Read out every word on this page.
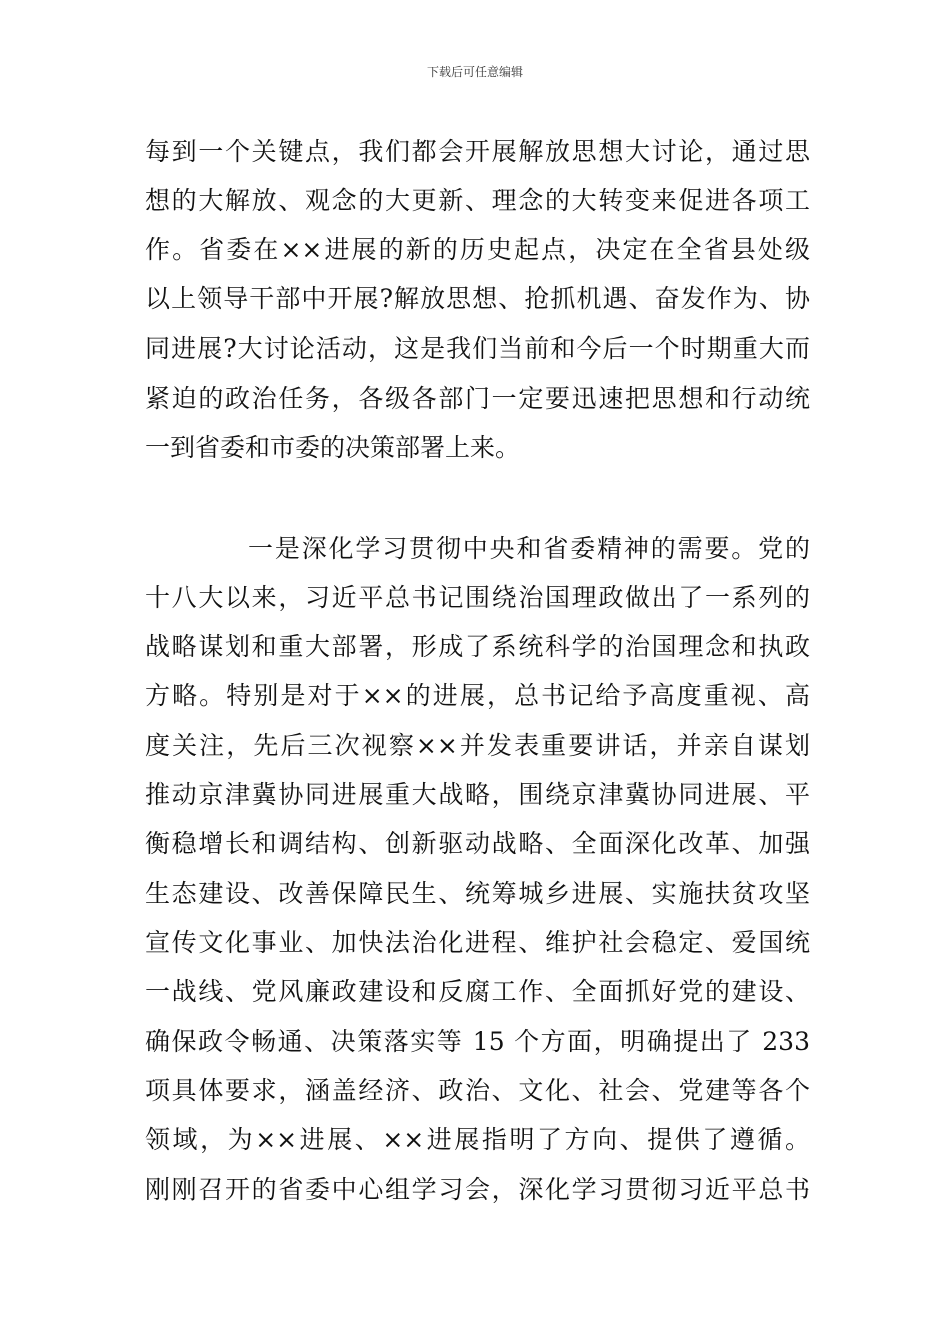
下载后可任意编辑
每到一个关键点，我们都会开展解放思想大讨论，通过思
想的大解放、观念的大更新、理念的大转变来促进各项工
作。省委在××进展的新的历史起点，决定在全省县处级
以上领导干部中开展?解放思想、抢抓机遇、奋发作为、协
同进展?大讨论活动，这是我们当前和今后一个时期重大而
紧迫的政治任务，各级各部门一定要迅速把思想和行动统
一到省委和市委的决策部署上来。
一是深化学习贯彻中央和省委精神的需要。党的
十八大以来，习近平总书记围绕治国理政做出了一系列的
战略谋划和重大部署，形成了系统科学的治国理念和执政
方略。特别是对于××的进展，总书记给予高度重视、高
度关注，先后三次视察××并发表重要讲话，并亲自谋划
推动京津冀协同进展重大战略，围绕京津冀协同进展、平
衡稳增长和调结构、创新驱动战略、全面深化改革、加强
生态建设、改善保障民生、统筹城乡进展、实施扶贫攻坚
宣传文化事业、加快法治化进程、维护社会稳定、爱国统
一战线、党风廉政建设和反腐工作、全面抓好党的建设、
确保政令畅通、决策落实等 15 个方面，明确提出了 233
项具体要求，涵盖经济、政治、文化、社会、党建等各个
领域，为××进展、××进展指明了方向、提供了遵循。
刚刚召开的省委中心组学习会，深化学习贯彻习近平总书
